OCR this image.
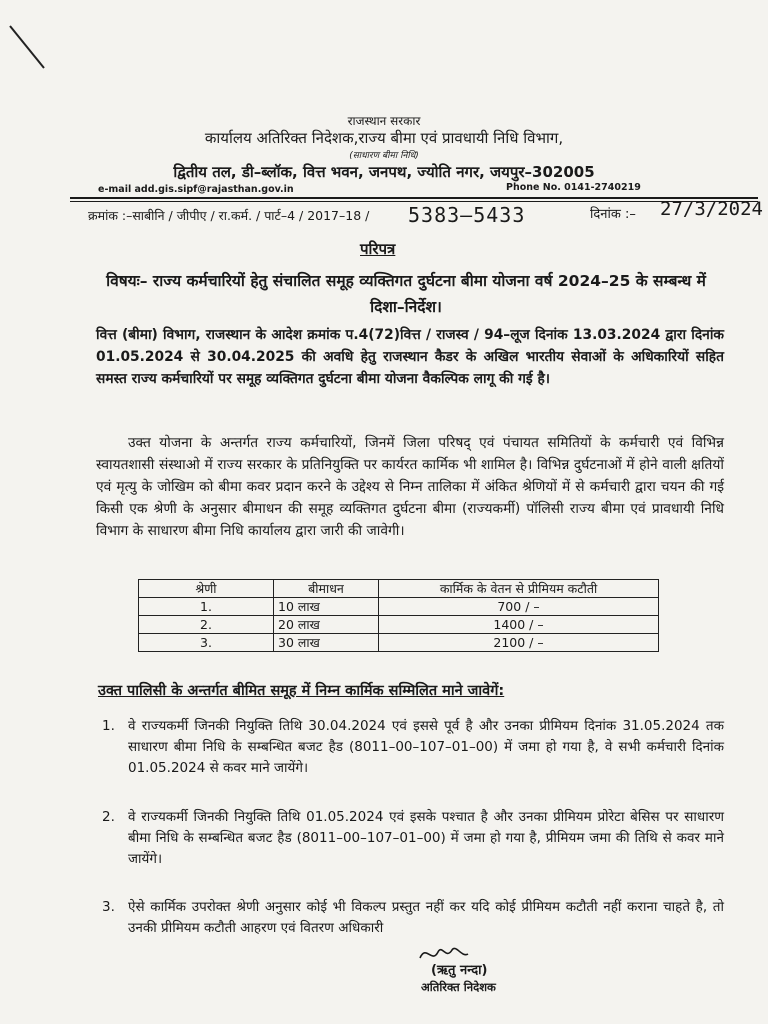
राजस्थान सरकार
कार्यालय अतिरिक्त निदेशक,राज्य बीमा एवं प्रावधायी निधि विभाग,
(साधारण बीमा निधि)
द्वितीय तल, डी–ब्लॉक, वित्त भवन, जनपथ, ज्योति नगर, जयपुर–302005
e-mail add.gis.sipf@rajasthan.gov.in	Phone No. 0141-2740219
क्रमांक :–साबीनि / जीपीए / रा.कर्म. / पार्ट–4 / 2017–18 / 5383–5433	दिनांक :– 27/3/2024
परिपत्र
विषयः– राज्य कर्मचारियों हेतु संचालित समूह व्यक्तिगत दुर्घटना बीमा योजना वर्ष 2024–25 के सम्बन्ध में दिशा–निर्देश।
वित्त (बीमा) विभाग, राजस्थान के आदेश क्रमांक प.4(72)वित्त / राजस्व / 94–लूज दिनांक 13.03.2024 द्वारा दिनांक 01.05.2024 से 30.04.2025 की अवधि हेतु राजस्थान कैडर के अखिल भारतीय सेवाओं के अधिकारियों सहित समस्त राज्य कर्मचारियों पर समूह व्यक्तिगत दुर्घटना बीमा योजना वैकल्पिक लागू की गई है।
उक्त योजना के अन्तर्गत राज्य कर्मचारियों, जिनमें जिला परिषद् एवं पंचायत समितियों के कर्मचारी एवं विभिन्न स्वायतशासी संस्थाओ में राज्य सरकार के प्रतिनियुक्ति पर कार्यरत कार्मिक भी शामिल है। विभिन्न दुर्घटनाओं में होने वाली क्षतियों एवं मृत्यु के जोखिम को बीमा कवर प्रदान करने के उद्देश्य से निम्न तालिका में अंकित श्रेणियों में से कर्मचारी द्वारा चयन की गई किसी एक श्रेणी के अनुसार बीमाधन की समूह व्यक्तिगत दुर्घटना बीमा (राज्यकर्मी) पॉलिसी राज्य बीमा एवं प्रावधायी निधि विभाग के साधारण बीमा निधि कार्यालय द्वारा जारी की जावेगी।
श्रेणी	बीमाधन	कार्मिक के वेतन से प्रीमियम कटौती
1.	10 लाख	700 / –
2.	20 लाख	1400 / –
3.	30 लाख	2100 / –
उक्त पालिसी के अन्तर्गत बीमित समूह में निम्न कार्मिक सम्मिलित माने जावेगें:
1. वे राज्यकर्मी जिनकी नियुक्ति तिथि 30.04.2024 एवं इससे पूर्व है और उनका प्रीमियम दिनांक 31.05.2024 तक साधारण बीमा निधि के सम्बन्धित बजट हैड (8011–00–107–01–00) में जमा हो गया है, वे सभी कर्मचारी दिनांक 01.05.2024 से कवर माने जायेंगे।
2. वे राज्यकर्मी जिनकी नियुक्ति तिथि 01.05.2024 एवं इसके पश्चात है और उनका प्रीमियम प्रोरेटा बेसिस पर साधारण बीमा निधि के सम्बन्धित बजट हैड (8011–00–107–01–00) में जमा हो गया है, प्रीमियम जमा की तिथि से कवर माने जायेंगे।
3. ऐसे कार्मिक उपरोक्त श्रेणी अनुसार कोई भी विकल्प प्रस्तुत नहीं कर यदि कोई प्रीमियम कटौती नहीं कराना चाहते है, तो उनकी प्रीमियम कटौती आहरण एवं वितरण अधिकारी
(ऋतु नन्दा)
अतिरिक्त निदेशक
